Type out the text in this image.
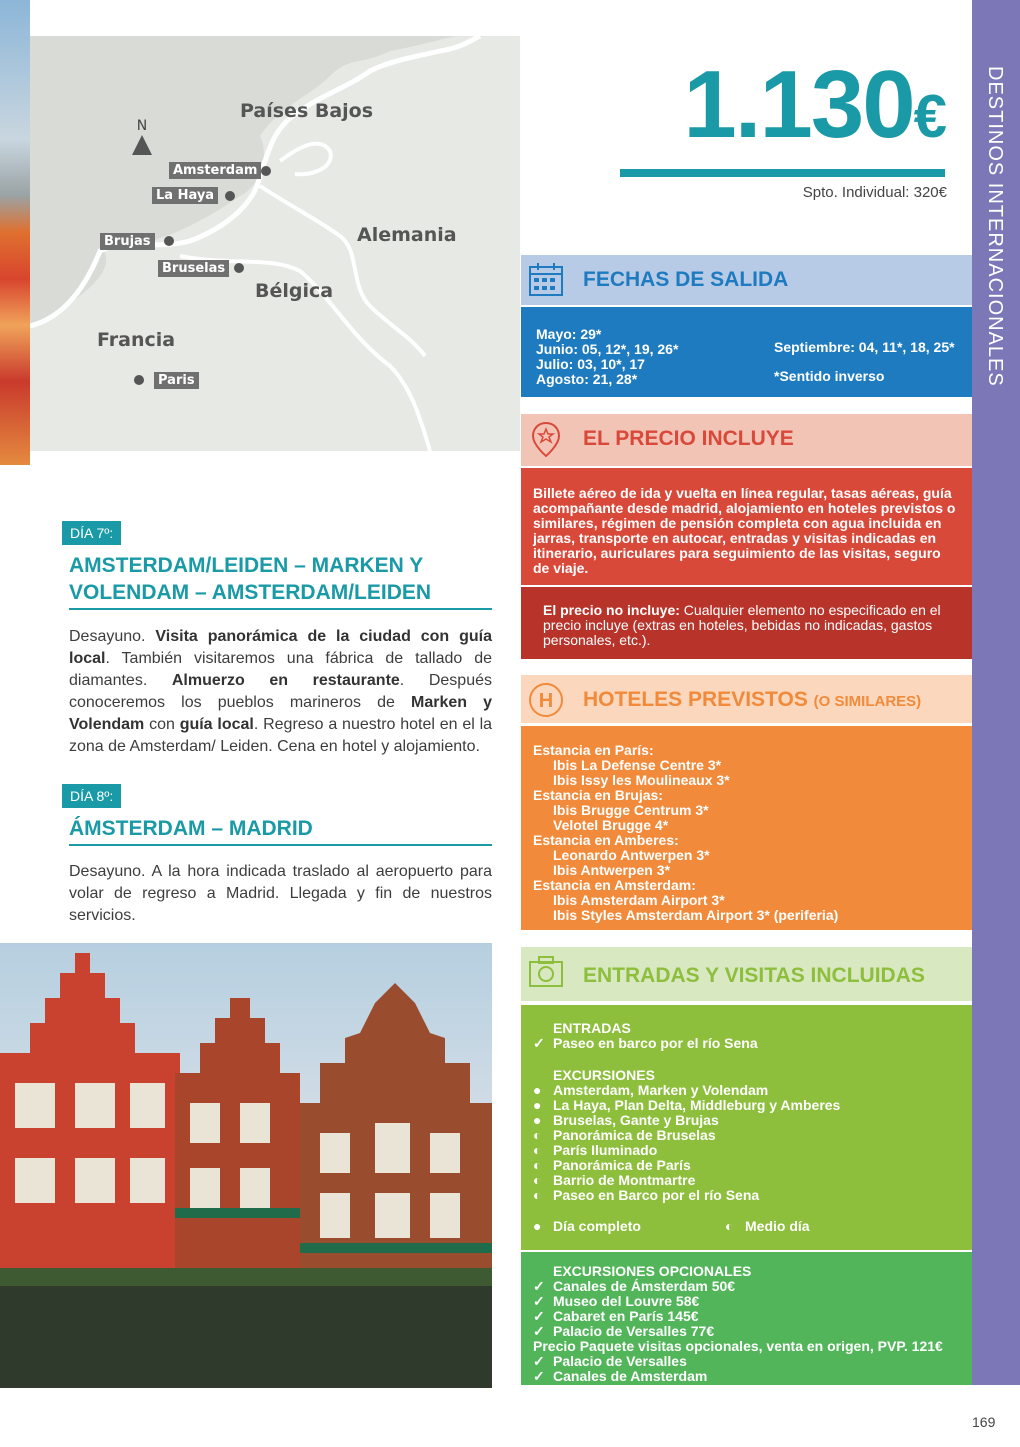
Países Bajos
Alemania
Bélgica
Francia
N
Amsterdam
La Haya
Brujas
Bruselas
Paris
DÍA 7º:
AMSTERDAM/LEIDEN – MARKEN Y VOLENDAM – AMSTERDAM/LEIDEN
Desayuno. Visita panorámica de la ciudad con guía local. También visitaremos una fábrica de tallado de diamantes. Almuerzo en restaurante. Después conoceremos los pueblos marineros de Marken y Volendam con guía local. Regreso a nuestro hotel en el la zona de Amsterdam/ Leiden. Cena en hotel y alojamiento.
DÍA 8º:
ÁMSTERDAM – MADRID
Desayuno. A la hora indicada traslado al aeropuerto para volar de regreso a Madrid. Llegada y fin de nuestros servicios.
1.130€
Spto. Individual: 320€
FECHAS DE SALIDA
Mayo: 29*
Junio: 05, 12*, 19, 26*
Julio: 03, 10*, 17
Agosto: 21, 28*
Septiembre: 04, 11*, 18, 25*
*Sentido inverso
EL PRECIO INCLUYE
Billete aéreo de ida y vuelta en línea regular, tasas aéreas, guía acompañante desde madrid, alojamiento en hoteles previstos o similares, régimen de pensión completa con agua incluida en jarras, transporte en autocar, entradas y visitas indicadas en itinerario, auriculares para seguimiento de las visitas, seguro de viaje.
El precio no incluye: Cualquier elemento no especificado en el precio incluye (extras en hoteles, bebidas no indicadas, gastos personales, etc.).
H HOTELES PREVISTOS (O SIMILARES)
Estancia en París:
Ibis La Defense Centre 3*
Ibis Issy les Moulineaux 3*
Estancia en Brujas:
Ibis Brugge Centrum 3*
Velotel Brugge 4*
Estancia en Amberes:
Leonardo Antwerpen 3*
Ibis Antwerpen 3*
Estancia en Amsterdam:
Ibis Amsterdam Airport 3*
Ibis Styles Amsterdam Airport 3* (periferia)
ENTRADAS Y VISITAS INCLUIDAS
ENTRADAS
✓ Paseo en barco por el río Sena
EXCURSIONES
● Amsterdam, Marken y Volendam
● La Haya, Plan Delta, Middleburg y Amberes
● Bruselas, Gante y Brujas
◐ Panorámica de Bruselas
◐ París Iluminado
◐ Panorámica de París
◐ Barrio de Montmartre
◐ Paseo en Barco por el río Sena
● Día completo	◐ Medio día
EXCURSIONES OPCIONALES
✓ Canales de Ámsterdam 50€
✓ Museo del Louvre 58€
✓ Cabaret en París 145€
✓ Palacio de Versalles 77€
Precio Paquete visitas opcionales, venta en origen, PVP. 121€
✓ Palacio de Versalles
✓ Canales de Amsterdam
DESTINOS INTERNACIONALES
169
